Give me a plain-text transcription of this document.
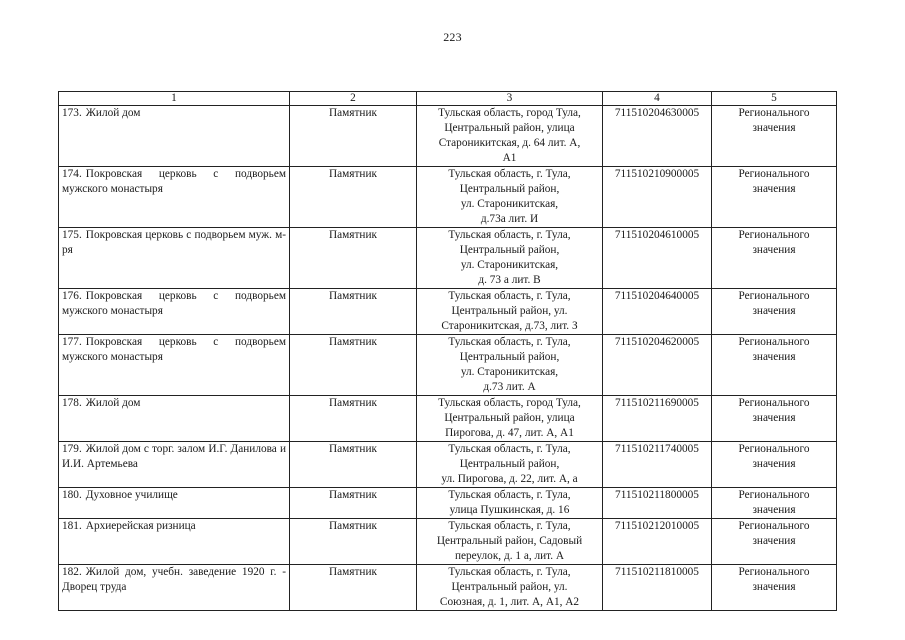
223
1	2	3	4	5
173. Жилой дом	Памятник	Тульская область, город Тула,
Центральный район, улица
Староникитская, д. 64 лит. А,
А1	711510204630005	Регионального
значения

174. Покровская церковь с подворьем мужского монастыря	Памятник	Тульская область, г. Тула,
Центральный район,
ул. Староникитская,
д.73а лит. И	711510210900005	Регионального
значения

175. Покровская церковь с подворьем муж. м-ря	Памятник	Тульская область, г. Тула,
Центральный район,
ул. Староникитская,
д. 73 а лит. В	711510204610005	Регионального
значения

176. Покровская церковь с подворьем мужского монастыря	Памятник	Тульская область, г. Тула,
Центральный район, ул.
Староникитская, д.73, лит. З	711510204640005	Регионального
значения

177. Покровская церковь с подворьем мужского монастыря	Памятник	Тульская область, г. Тула,
Центральный район,
ул. Староникитская,
д.73 лит. А	711510204620005	Регионального
значения

178. Жилой дом	Памятник	Тульская область, город Тула,
Центральный район, улица
Пирогова, д. 47, лит. А, А1	711510211690005	Регионального
значения

179. Жилой дом с торг. залом И.Г. Данилова и И.И. Артемьева	Памятник	Тульская область, г. Тула,
Центральный район,
ул. Пирогова, д. 22, лит. А, а	711510211740005	Регионального
значения

180. Духовное училище	Памятник	Тульская область, г. Тула,
улица Пушкинская, д. 16	711510211800005	Регионального
значения

181. Архиерейская ризница	Памятник	Тульская область, г. Тула,
Центральный район, Садовый
переулок, д. 1 а, лит. А	711510212010005	Регионального
значения

182. Жилой дом, учебн. заведение 1920 г. - Дворец труда	Памятник	Тульская область, г. Тула,
Центральный район, ул.
Союзная, д. 1, лит. А, А1, А2	711510211810005	Регионального
значения
